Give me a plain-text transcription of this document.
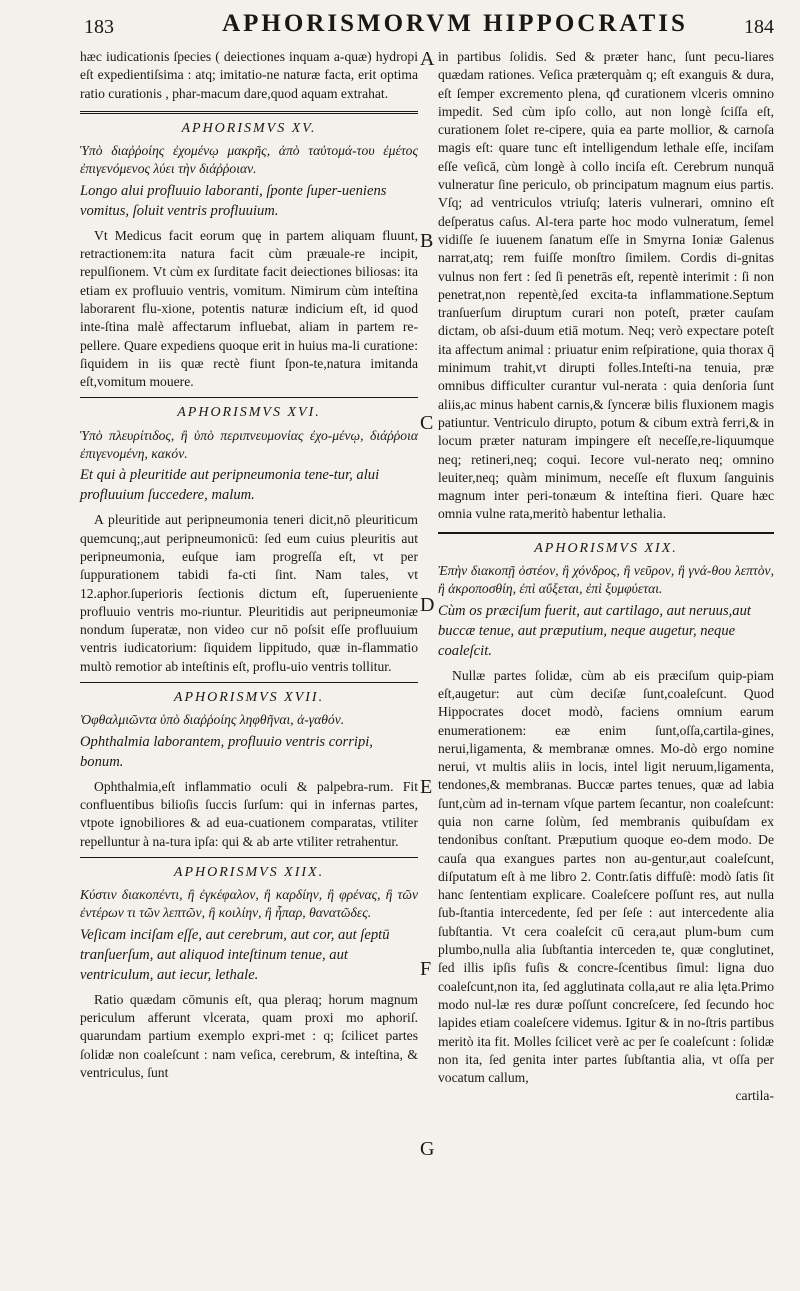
183	APHORISMORVM HIPPOCRATIS	184
A
B
C
D
E
F
G

hæc iudicationis ſpecies ( deiectiones inquam a-quæ) hydropi eſt expedientiſsima : atq; imitatio-ne naturæ facta, erit optima ratio curationis , phar-macum dare,quod aquam extrahat.

APHORISMVS XV.

Ὑπὸ διαῤῥοίης ἐχομένῳ μακρῆς, ἀπὸ ταὐτομά-του ἐμέτος ἐπιγενόμενος λύει τὴν διάῤῥοιαν.

Longo alui profluuio laboranti, ſponte ſuper-ueniens vomitus, ſoluit ventris profluuium.

Vt Medicus facit eorum quę in partem aliquam fluunt, retractionem:ita natura facit cùm præuale-re incipit, repulſionem. Vt cùm ex ſurditate facit deiectiones biliosas: ita etiam ex profluuio ventris, vomitum. Nimirum cùm inteſtina laborarent flu-xione, potentis naturæ indicium eſt, id quod inte-ſtina malè affectarum influebat, aliam in partem re-pellere. Quare expediens quoque erit in huius ma-li curatione: ſiquidem in iis quæ rectè fiunt ſpon-te,natura imitanda eſt,vomitum mouere.

APHORISMVS XVI.

Ὑπὸ πλευρίτιδος, ἢ ὑπὸ περιπνευμονίας ἐχο-μένῳ, διάῤῥοια ἐπιγενομένη, κακόν.

Et qui à pleuritide aut peripneumonia tene-tur, alui profluuium ſuccedere, malum.

A pleuritide aut peripneumonia teneri dicit,nō pleuriticum quemcunq;,aut peripneumonicū: ſed eum cuius pleuritis aut peripneumonia, euſque iam progreſſa eſt, vt per ſuppurationem tabidi fa-cti ſint. Nam tales, vt 12.aphor.ſuperioris ſectionis dictum eſt, ſuperueniente profluuio ventris mo-riuntur. Pleuritidis aut peripneumoniæ nondum ſuperatæ, non video cur nō poſsit eſſe profluuium ventris iudicatorium: ſiquidem lippitudo, quæ in-flammatio multò remotior ab inteſtinis eſt, proflu-uio ventris tollitur.

APHORISMVS XVII.

Ὀφθαλμιῶντα ὑπὸ διαῤῥοίης ληφθῆναι, ἀ-γαθόν.

Ophthalmia laborantem, profluuio ventris corripi, bonum.

Ophthalmia,eſt inflammatio oculi & palpebra-rum. Fit confluentibus bilioſis ſuccis ſurſum: qui in infernas partes, vtpote ignobiliores & ad eua-cuationem comparatas, vtiliter repelluntur à na-tura ipſa: qui & ab arte vtiliter retrahentur.

APHORISMVS XIIX.

Κύστιν διακοπέντι, ἢ ἐγκέφαλον, ἢ καρδίην, ἢ φρένας, ἢ τῶν ἐντέρων τι τῶν λεπτῶν, ἢ κοιλίην, ἢ ἧπαρ, θανατῶδες.

Veſicam inciſam eſſe, aut cerebrum, aut cor, aut ſeptū tranſuerſum, aut aliquod inteſtinum tenue, aut ventriculum, aut iecur, lethale.

Ratio quædam cōmunis eſt, qua pleraq; horum magnum periculum afferunt vlcerata, quam proxi mo aphoriſ. quarundam partium exemplo expri-met : q; ſcilicet partes ſolidæ non coaleſcunt : nam veſica, cerebrum, & inteſtina, & ventriculus, ſunt

in partibus ſolidis. Sed & præter hanc, ſunt pecu-liares quædam rationes. Veſica præterquàm q; eſt exanguis & dura, eſt ſemper excremento plena, qđ curationem vlceris omnino impedit. Sed cùm ipſo collo, aut non longè ſciſſa eſt, curationem ſolet re-cipere, quia ea parte mollior, & carnoſa magis eſt: quare tunc eſt intelligendum lethale eſſe, inciſam eſſe veſicā, cùm longè à collo inciſa eſt. Cerebrum nunquā vulneratur ſine periculo, ob principatum magnum eius partis. Vſq; ad ventriculos vtriuſq; lateris vulnerari, omnino eſt deſperatus caſus. Al-tera parte hoc modo vulneratum, ſemel vidiſſe ſe iuuenem ſanatum eſſe in Smyrna Ioniæ Galenus narrat,atq; rem fuiſſe monſtro ſimilem. Cordis di-gnitas vulnus non fert : ſed ſi penetrās eſt, repentè interimit : ſi non penetrat,non repentè,ſed excita-ta inflammatione.Septum tranſuerſum diruptum curari non poteſt, præter cauſam dictam, ob aſsi-duum etiā motum. Neq; verò expectare poteſt ita affectum animal : priuatur enim reſpiratione, quia thorax q̄ minimum trahit,vt dirupti folles.Inteſti-na tenuia, præ omnibus difficulter curantur vul-nerata : quia denſoria ſunt aliis,ac minus habent carnis,& ſynceræ bilis fluxionem magis patiuntur. Ventriculo dirupto, potum & cibum extrà ferri,& in locum præter naturam impingere eſt neceſſe,re-liquumque neq; retineri,neq; coqui. Iecore vul-nerato neq; omnino leuiter,neq; quàm minimum, neceſſe eſt fluxum ſanguinis magnum inter peri-tonæum & inteſtina fieri. Quare hæc omnia vulne rata,meritò habentur lethalia.

APHORISMVS XIX.

Ἐπὴν διακοπῇ ὀστέον, ἢ χόνδρος, ἢ νεῦρον, ἢ γνά-θου λεπτὸν, ἢ ἀκροποσθίη, ἐπὶ αὔξεται, ἐπὶ ξυμφύεται.

Cùm os præciſum fuerit, aut cartilago, aut neruus,aut buccæ tenue, aut præputium, neque augetur, neque coaleſcit.

Nullæ partes ſolidæ, cùm ab eis præciſum quip-piam eſt,augetur: aut cùm deciſæ ſunt,coaleſcunt. Quod Hippocrates docet modò, faciens omnium earum enumerationem: eæ enim ſunt,oſſa,cartila-gines, nerui,ligamenta, & membranæ omnes. Mo-dò ergo nomine nerui, vt multis aliis in locis, intel ligit neruum,ligamenta, tendones,& membranas. Buccæ partes tenues, quæ ad labia ſunt,cùm ad in-ternam vſque partem ſecantur, non coaleſcunt: quia non carne ſolùm, ſed membranis quibuſdam ex tendonibus conſtant. Præputium quoque eo-dem modo. De cauſa qua exangues partes non au-gentur,aut coaleſcunt, diſputatum eſt à me libro 2. Contr.ſatis diffuſè: modò ſatis ſit hanc ſententiam explicare. Coaleſcere poſſunt res, aut nulla ſub-ſtantia intercedente, ſed per ſeſe : aut intercedente alia ſubſtantia. Vt cera coaleſcit cū cera,aut plum-bum cum plumbo,nulla alia ſubſtantia interceden te, quæ conglutinet, ſed illis ipſis fuſis & concre-ſcentibus ſimul: ligna duo coaleſcunt,non ita, ſed agglutinata colla,aut re alia lęta.Primo modo nul-læ res duræ poſſunt concreſcere, ſed ſecundo hoc lapides etiam coaleſcere videmus. Igitur & in no-ſtris partibus meritò ita fit. Molles ſcilicet verè ac per ſe coaleſcunt : ſolidæ non ita, ſed genita inter partes ſubſtantia alia, vt oſſa per vocatum callum,

cartila-
